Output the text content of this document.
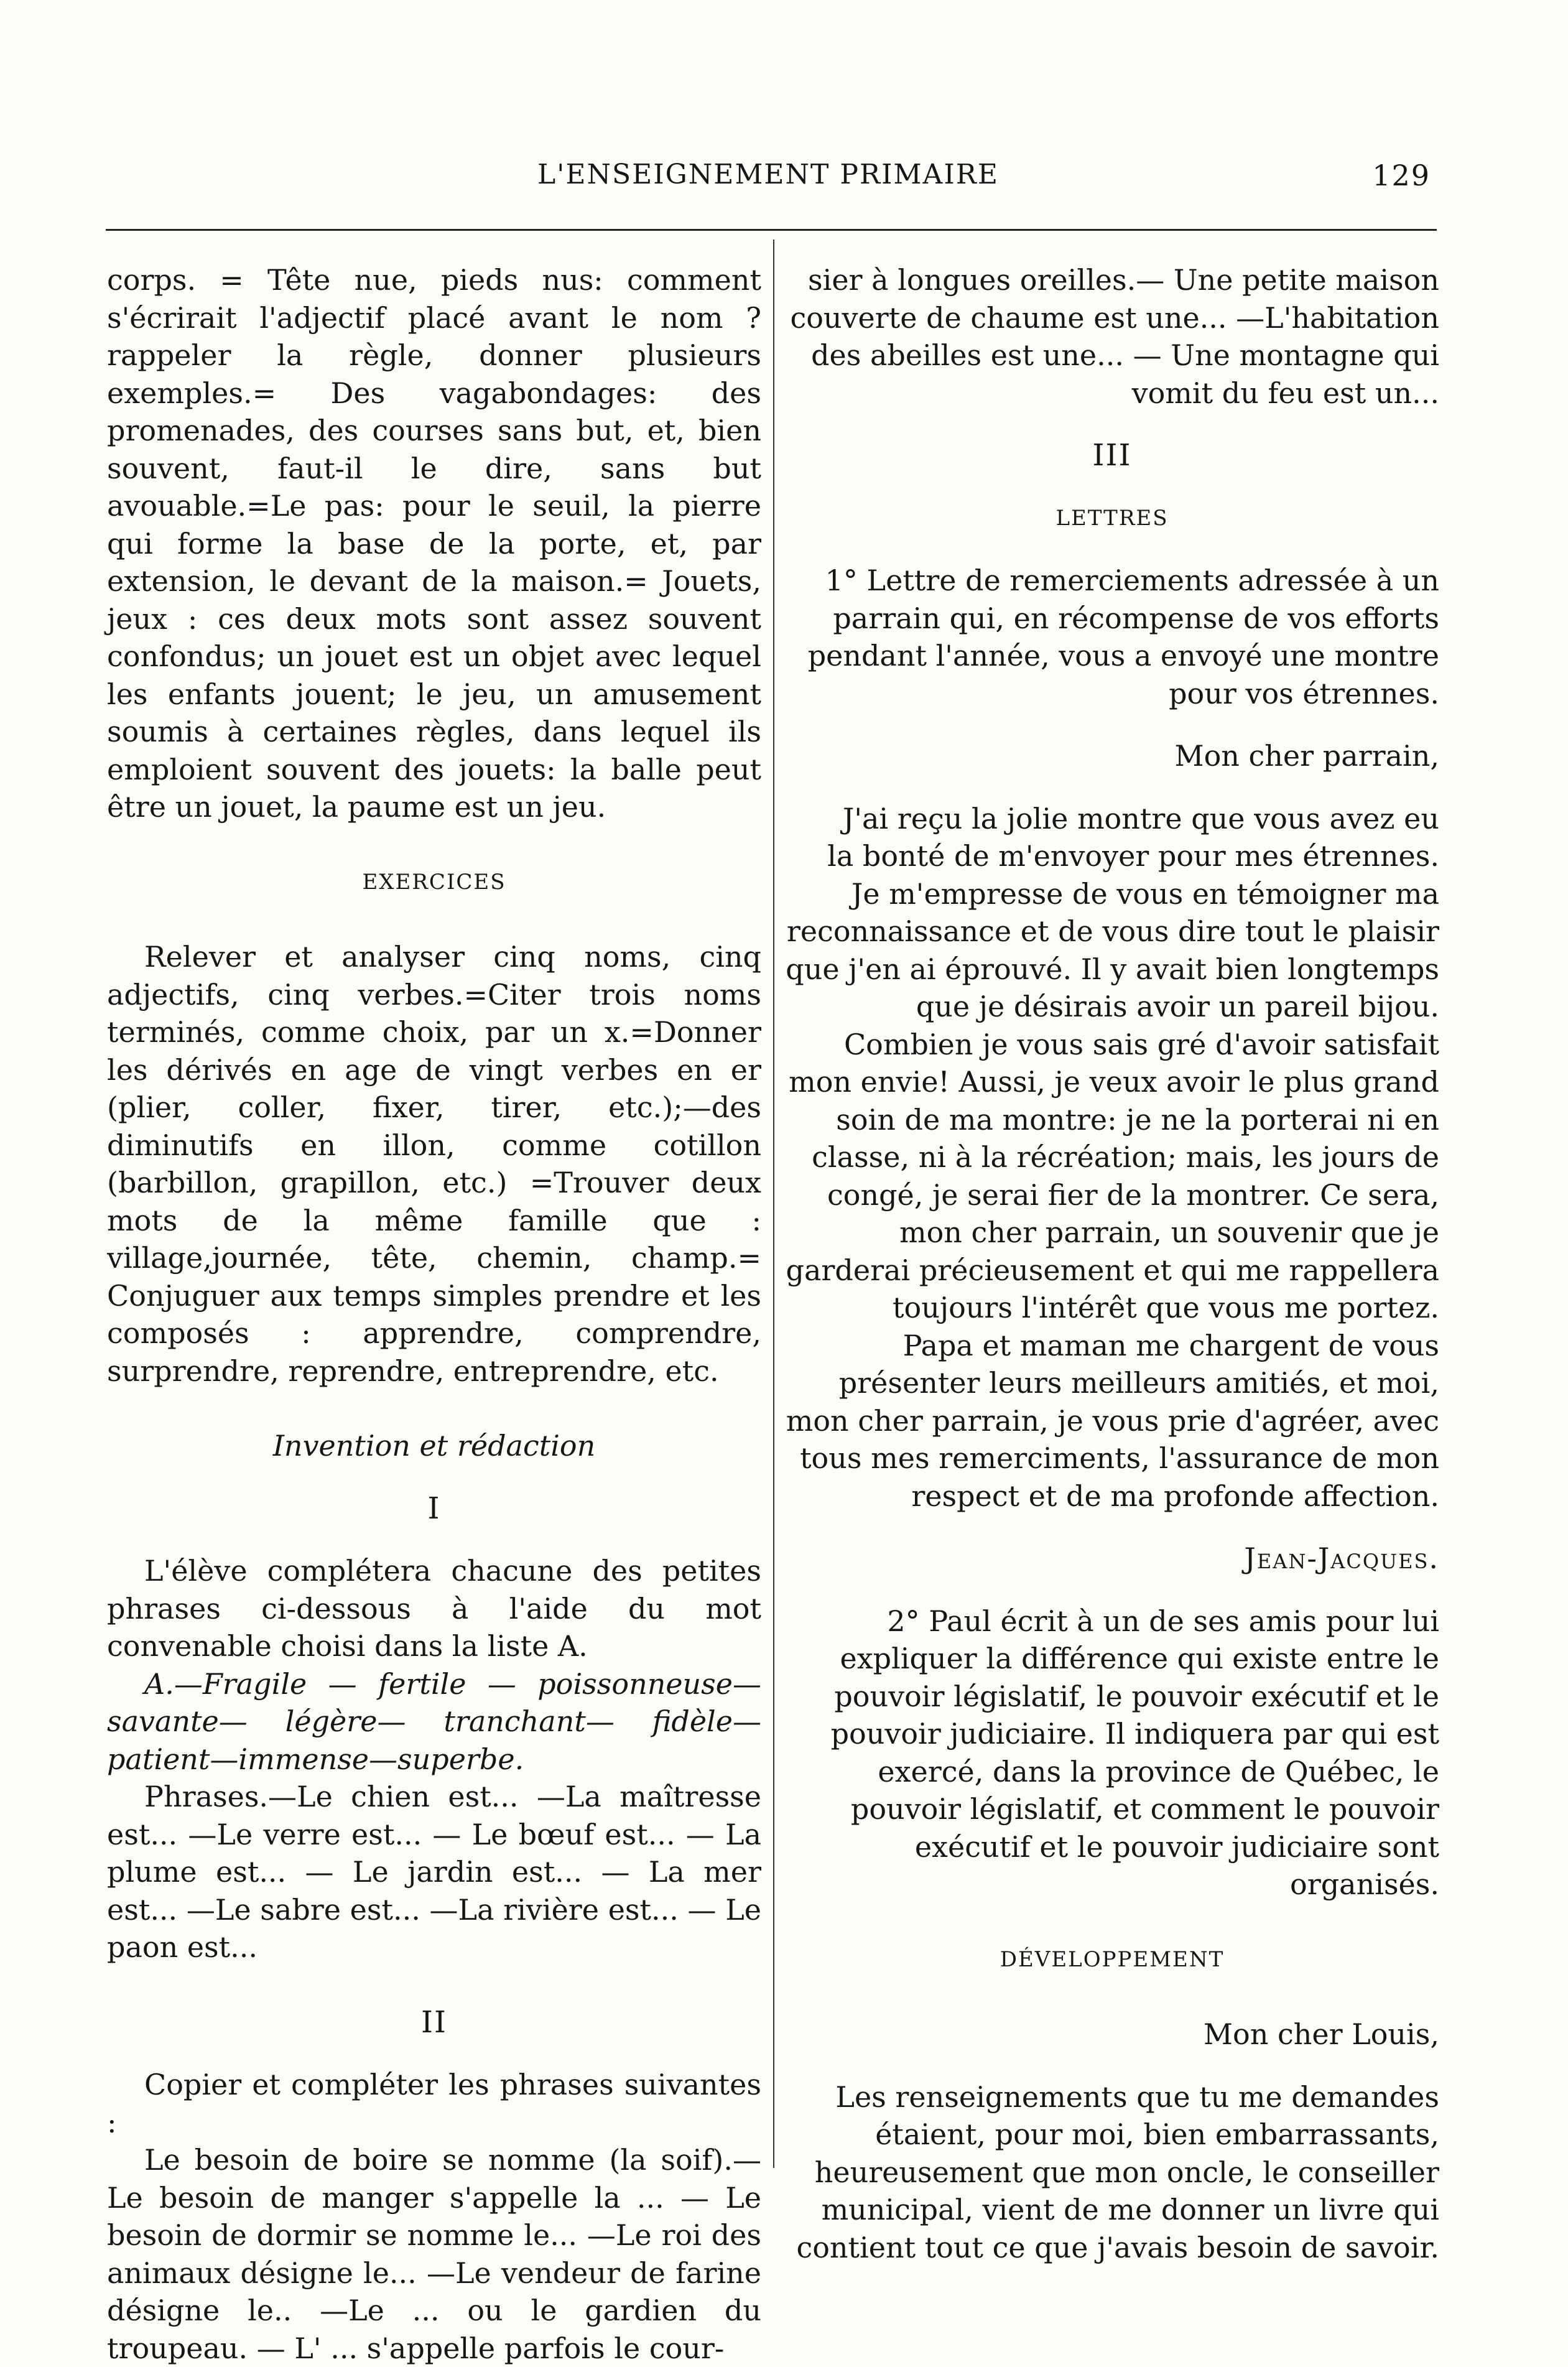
L'ENSEIGNEMENT PRIMAIRE	129

corps. = Tête nue, pieds nus: comment s'écrirait l'adjectif placé avant le nom ? rappeler la règle, donner plusieurs exemples.= Des vagabondages: des promenades, des courses sans but, et, bien souvent, faut-il le dire, sans but avouable.=Le pas: pour le seuil, la pierre qui forme la base de la porte, et, par extension, le devant de la maison.= Jouets, jeux : ces deux mots sont assez souvent confondus; un jouet est un objet avec lequel les enfants jouent; le jeu, un amusement soumis à certaines règles, dans lequel ils emploient souvent des jouets: la balle peut être un jouet, la paume est un jeu.

EXERCICES

Relever et analyser cinq noms, cinq adjectifs, cinq verbes.=Citer trois noms terminés, comme choix, par un x.=Donner les dérivés en age de vingt verbes en er (plier, coller, fixer, tirer, etc.);—des diminutifs en illon, comme cotillon (barbillon, grapillon, etc.) =Trouver deux mots de la même famille que : village,journée, tête, chemin, champ.= Conjuguer aux temps simples prendre et les composés : apprendre, comprendre, surprendre, reprendre, entreprendre, etc.

Invention et rédaction

I

L'élève complétera chacune des petites phrases ci-dessous à l'aide du mot convenable choisi dans la liste A.

A.—Fragile — fertile — poissonneuse— savante— légère— tranchant— fidèle— patient—immense—superbe.

Phrases.—Le chien est... —La maîtresse est... —Le verre est... — Le bœuf est... — La plume est... — Le jardin est... — La mer est... —Le sabre est... —La rivière est... — Le paon est...

II

Copier et compléter les phrases suivantes :

Le besoin de boire se nomme (la soif).— Le besoin de manger s'appelle la ... — Le besoin de dormir se nomme le... —Le roi des animaux désigne le... —Le vendeur de farine désigne le.. —Le ... ou le gardien du troupeau. — L' ... s'appelle parfois le cour-

sier à longues oreilles.— Une petite maison couverte de chaume est une... —L'habitation des abeilles est une... — Une montagne qui vomit du feu est un...

III

LETTRES

1° Lettre de remerciements adressée à un parrain qui, en récompense de vos efforts pendant l'année, vous a envoyé une montre pour vos étrennes.

Mon cher parrain,

J'ai reçu la jolie montre que vous avez eu la bonté de m'envoyer pour mes étrennes.

Je m'empresse de vous en témoigner ma reconnaissance et de vous dire tout le plaisir que j'en ai éprouvé. Il y avait bien longtemps que je désirais avoir un pareil bijou. Combien je vous sais gré d'avoir satisfait mon envie! Aussi, je veux avoir le plus grand soin de ma montre: je ne la porterai ni en classe, ni à la récréation; mais, les jours de congé, je serai fier de la montrer. Ce sera, mon cher parrain, un souvenir que je garderai précieusement et qui me rappellera toujours l'intérêt que vous me portez.

Papa et maman me chargent de vous présenter leurs meilleurs amitiés, et moi, mon cher parrain, je vous prie d'agréer, avec tous mes remerciments, l'assurance de mon respect et de ma profonde affection.

Jean-Jacques.

2° Paul écrit à un de ses amis pour lui expliquer la différence qui existe entre le pouvoir législatif, le pouvoir exécutif et le pouvoir judiciaire. Il indiquera par qui est exercé, dans la province de Québec, le pouvoir législatif, et comment le pouvoir exécutif et le pouvoir judiciaire sont organisés.

DÉVELOPPEMENT

Mon cher Louis,

Les renseignements que tu me demandes étaient, pour moi, bien embarrassants, heureusement que mon oncle, le conseiller municipal, vient de me donner un livre qui contient tout ce que j'avais besoin de savoir.
